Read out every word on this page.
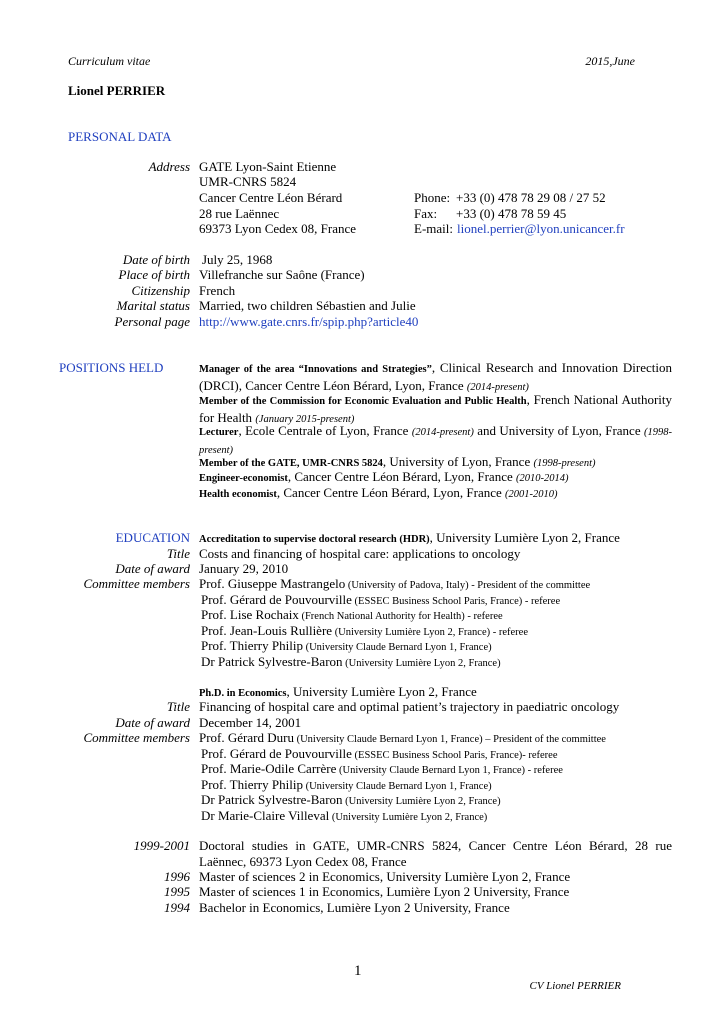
Curriculum vitae	2015,June
Lionel PERRIER
PERSONAL DATA
Address GATE Lyon-Saint Etienne
UMR-CNRS 5824
Cancer Centre Léon Bérard
28 rue Laënnec
69373 Lyon Cedex 08, France
Phone: +33 (0) 478 78 29 08 / 27 52
Fax: +33 (0) 478 78 59 45
E-mail: lionel.perrier@lyon.unicancer.fr
Date of birth July 25, 1968
Place of birth Villefranche sur Saône (France)
Citizenship French
Marital status Married, two children Sébastien and Julie
Personal page http://www.gate.cnrs.fr/spip.php?article40
POSITIONS HELD	Manager of the area “Innovations and Strategies”, Clinical Research and Innovation Direction (DRCI), Cancer Centre Léon Bérard, Lyon, France (2014-present)
Member of the Commission for Economic Evaluation and Public Health, French National Authority for Health (January 2015-present)
Lecturer, Ecole Centrale of Lyon, France (2014-present) and University of Lyon, France (1998-present)
Member of the GATE, UMR-CNRS 5824, University of Lyon, France (1998-present)
Engineer-economist, Cancer Centre Léon Bérard, Lyon, France (2010-2014)
Health economist, Cancer Centre Léon Bérard, Lyon, France (2001-2010)
EDUCATION Accreditation to supervise doctoral research (HDR), University Lumière Lyon 2, France
Title Costs and financing of hospital care: applications to oncology
Date of award January 29, 2010
Committee members Prof. Giuseppe Mastrangelo (University of Padova, Italy) - President of the committee
Prof. Gérard de Pouvourville (ESSEC Business School Paris, France) - referee
Prof. Lise Rochaix (French National Authority for Health) - referee
Prof. Jean-Louis Rullière (University Lumière Lyon 2, France) - referee
Prof. Thierry Philip (University Claude Bernard Lyon 1, France)
Dr Patrick Sylvestre-Baron (University Lumière Lyon 2, France)
Ph.D. in Economics, University Lumière Lyon 2, France
Title Financing of hospital care and optimal patient’s trajectory in paediatric oncology
Date of award December 14, 2001
Committee members Prof. Gérard Duru (University Claude Bernard Lyon 1, France) – President of the committee
Prof. Gérard de Pouvourville (ESSEC Business School Paris, France)- referee
Prof. Marie-Odile Carrère (University Claude Bernard Lyon 1, France) - referee
Prof. Thierry Philip (University Claude Bernard Lyon 1, France)
Dr Patrick Sylvestre-Baron (University Lumière Lyon 2, France)
Dr Marie-Claire Villeval (University Lumière Lyon 2, France)
1999-2001 Doctoral studies in GATE, UMR-CNRS 5824, Cancer Centre Léon Bérard, 28 rue Laënnec, 69373 Lyon Cedex 08, France
1996 Master of sciences 2 in Economics, University Lumière Lyon 2, France
1995 Master of sciences 1 in Economics, Lumière Lyon 2 University, France
1994 Bachelor in Economics, Lumière Lyon 2 University, France
1
CV Lionel PERRIER
